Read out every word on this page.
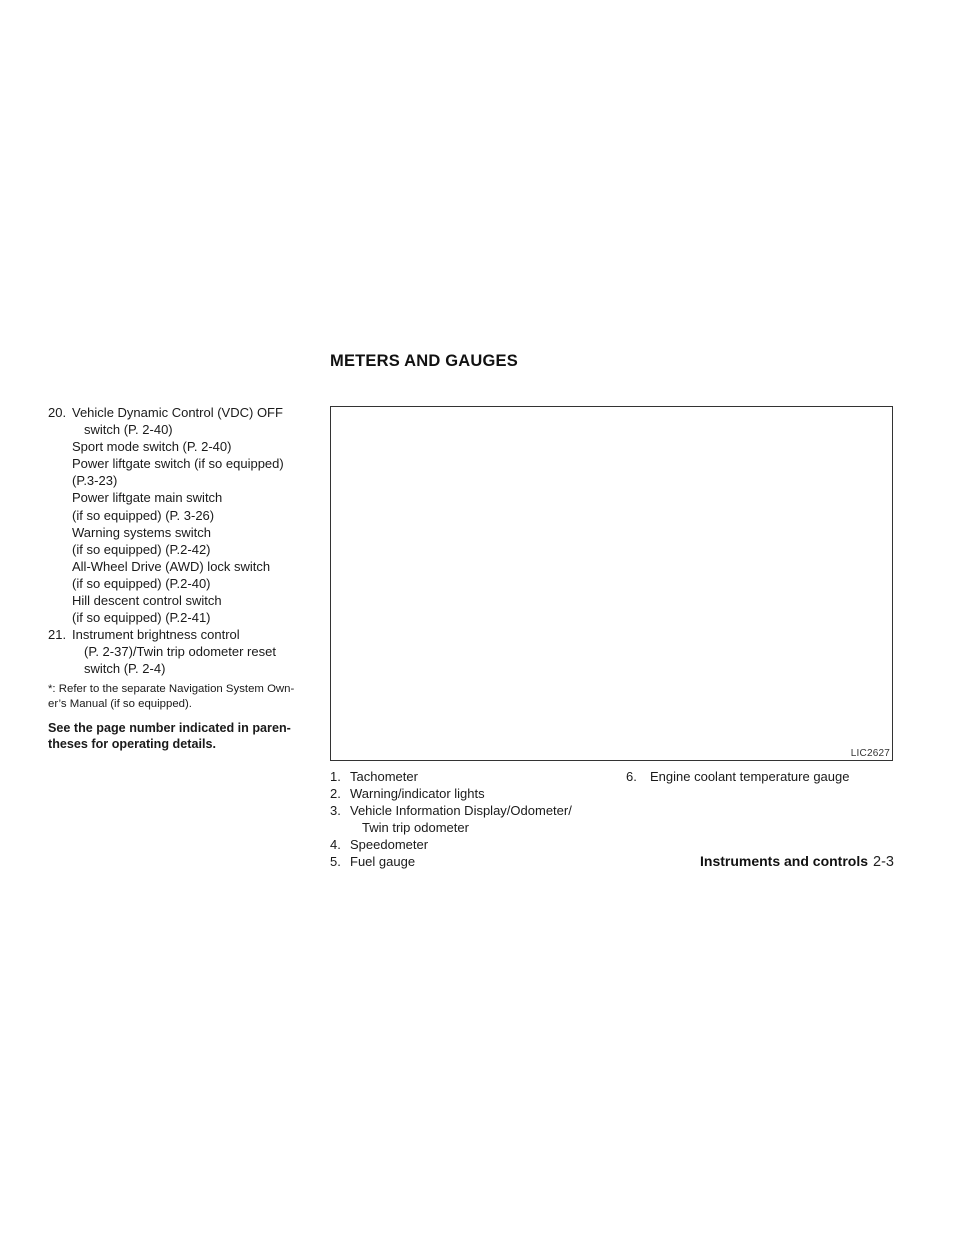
METERS AND GAUGES
20. Vehicle Dynamic Control (VDC) OFF
switch (P. 2-40)
Sport mode switch (P. 2-40)
Power liftgate switch (if so equipped)
(P.3-23)
Power liftgate main switch
(if so equipped) (P. 3-26)
Warning systems switch
(if so equipped) (P.2-42)
All-Wheel Drive (AWD) lock switch
(if so equipped) (P.2-40)
Hill descent control switch
(if so equipped) (P.2-41)
21. Instrument brightness control
(P. 2-37)/Twin trip odometer reset
switch (P. 2-4)
*: Refer to the separate Navigation System Own-
er’s Manual (if so equipped).
See the page number indicated in paren-
theses for operating details.
LIC2627
1. Tachometer
2. Warning/indicator lights
3. Vehicle Information Display/Odometer/
Twin trip odometer
4. Speedometer
5. Fuel gauge
6.	Engine coolant temperature gauge
Instruments and controls 2-3
